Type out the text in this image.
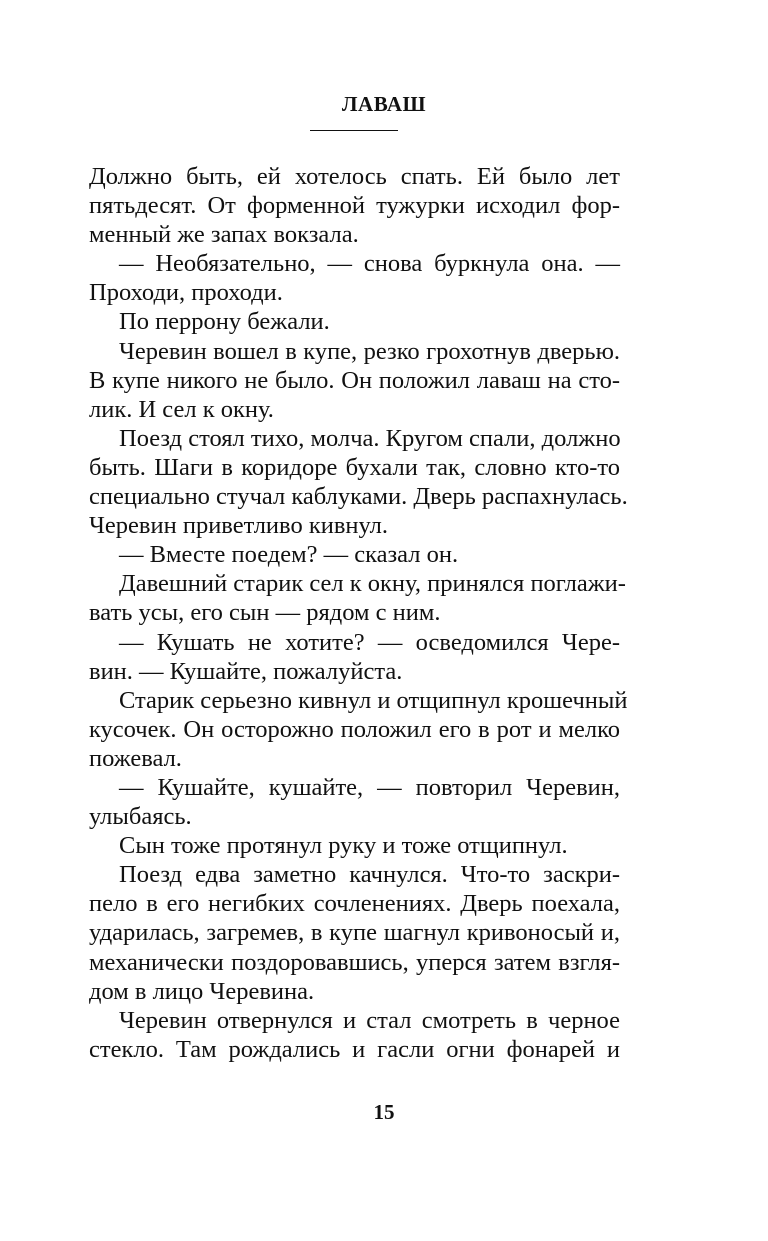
ЛАВАШ
Должно быть, ей хотелось спать. Ей было лет
пятьдесят. От форменной тужурки исходил фор-
менный же запах вокзала.
— Необязательно, — снова буркнула она. —
Проходи, проходи.
По перрону бежали.
Черевин вошел в купе, резко грохотнув дверью.
В купе никого не было. Он положил лаваш на сто-
лик. И сел к окну.
Поезд стоял тихо, молча. Кругом спали, должно
быть. Шаги в коридоре бухали так, словно кто-то
специально стучал каблуками. Дверь распахнулась.
Черевин приветливо кивнул.
— Вместе поедем? — сказал он.
Давешний старик сел к окну, принялся поглажи-
вать усы, его сын — рядом с ним.
— Кушать не хотите? — осведомился Чере-
вин. — Кушайте, пожалуйста.
Старик серьезно кивнул и отщипнул крошечный
кусочек. Он осторожно положил его в рот и мелко
пожевал.
— Кушайте, кушайте, — повторил Черевин,
улыбаясь.
Сын тоже протянул руку и тоже отщипнул.
Поезд едва заметно качнулся. Что-то заскри-
пело в его негибких сочленениях. Дверь поехала,
ударилась, загремев, в купе шагнул кривоносый и,
механически поздоровавшись, уперся затем взгля-
дом в лицо Черевина.
Черевин отвернулся и стал смотреть в черное
стекло. Там рождались и гасли огни фонарей и
15
